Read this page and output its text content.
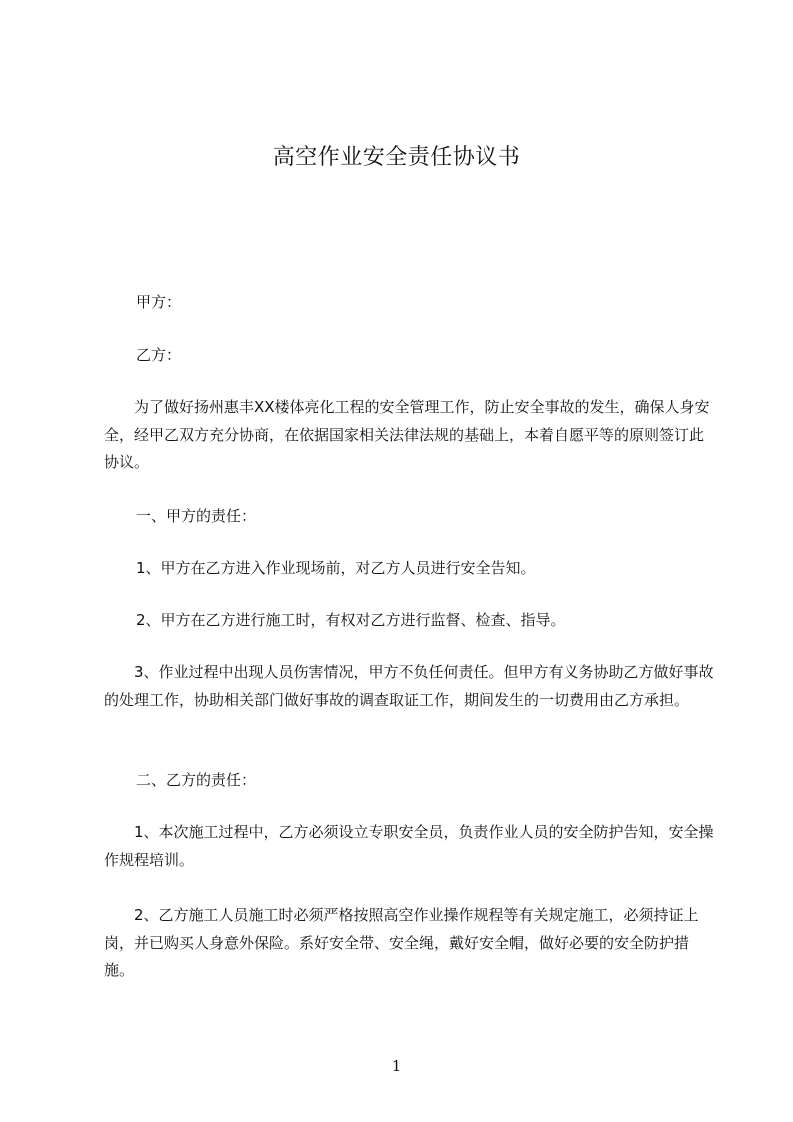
高空作业安全责任协议书
甲方：
乙方：
为了做好扬州惠丰XX楼体亮化工程的安全管理工作，防止安全事故的发生，确保人身安全，经甲乙双方充分协商，在依据国家相关法律法规的基础上，本着自愿平等的原则签订此协议。
一、甲方的责任：
1、甲方在乙方进入作业现场前，对乙方人员进行安全告知。
2、甲方在乙方进行施工时，有权对乙方进行监督、检查、指导。
3、作业过程中出现人员伤害情况，甲方不负任何责任。但甲方有义务协助乙方做好事故的处理工作，协助相关部门做好事故的调查取证工作，期间发生的一切费用由乙方承担。
二、乙方的责任：
1、本次施工过程中，乙方必须设立专职安全员，负责作业人员的安全防护告知，安全操作规程培训。
2、乙方施工人员施工时必须严格按照高空作业操作规程等有关规定施工，必须持证上岗，并已购买人身意外保险。系好安全带、安全绳，戴好安全帽，做好必要的安全防护措施。
1
